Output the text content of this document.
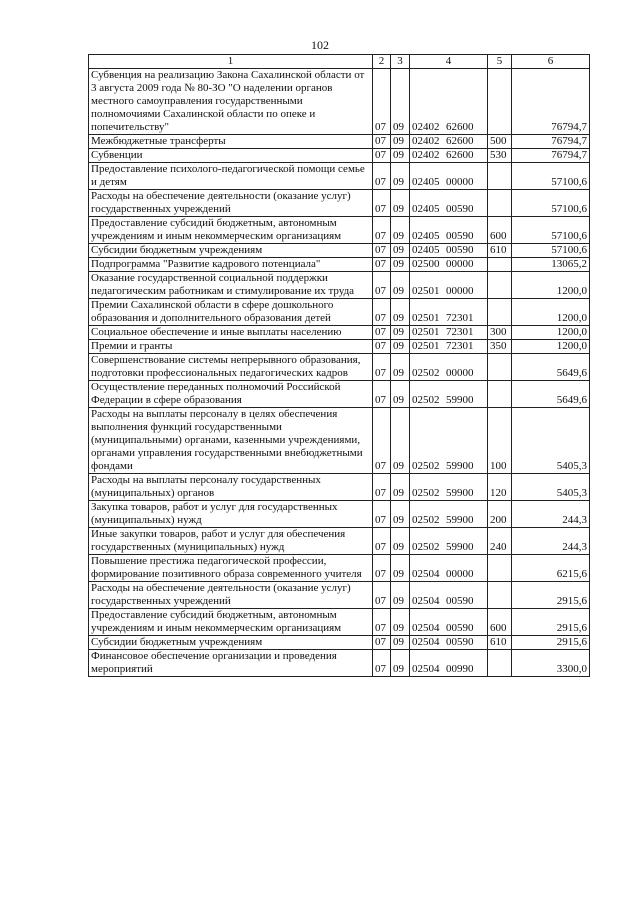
102
1	2	3	4	5	6
Субвенция на реализацию Закона Сахалинской области от 3 августа 2009 года № 80-ЗО "О наделении органов местного самоуправления государственными полномочиями Сахалинской области по опеке и попечительству"	07	09	02402 62600		76794,7
Межбюджетные трансферты	07	09	02402 62600	500	76794,7
Субвенции	07	09	02402 62600	530	76794,7
Предоставление психолого-педагогической помощи семье и детям	07	09	02405 00000		57100,6
Расходы на обеспечение деятельности (оказание услуг) государственных учреждений	07	09	02405 00590		57100,6
Предоставление субсидий бюджетным, автономным учреждениям и иным некоммерческим организациям	07	09	02405 00590	600	57100,6
Субсидии бюджетным учреждениям	07	09	02405 00590	610	57100,6
Подпрограмма "Развитие кадрового потенциала"	07	09	02500 00000		13065,2
Оказание государственной социальной поддержки педагогическим работникам и стимулирование их труда	07	09	02501 00000		1200,0
Премии Сахалинской области в сфере дошкольного образования и дополнительного образования детей	07	09	02501 72301		1200,0
Социальное обеспечение и иные выплаты населению	07	09	02501 72301	300	1200,0
Премии и гранты	07	09	02501 72301	350	1200,0
Совершенствование системы непрерывного образования, подготовки профессиональных педагогических кадров	07	09	02502 00000		5649,6
Осуществление переданных полномочий Российской Федерации в сфере образования	07	09	02502 59900		5649,6
Расходы на выплаты персоналу в целях обеспечения выполнения функций государственными (муниципальными) органами, казенными учреждениями, органами управления государственными внебюджетными фондами	07	09	02502 59900	100	5405,3
Расходы на выплаты персоналу государственных (муниципальных) органов	07	09	02502 59900	120	5405,3
Закупка товаров, работ и услуг для государственных (муниципальных) нужд	07	09	02502 59900	200	244,3
Иные закупки товаров, работ и услуг для обеспечения государственных (муниципальных) нужд	07	09	02502 59900	240	244,3
Повышение престижа педагогической профессии, формирование позитивного образа современного учителя	07	09	02504 00000		6215,6
Расходы на обеспечение деятельности (оказание услуг) государственных учреждений	07	09	02504 00590		2915,6
Предоставление субсидий бюджетным, автономным учреждениям и иным некоммерческим организациям	07	09	02504 00590	600	2915,6
Субсидии бюджетным учреждениям	07	09	02504 00590	610	2915,6
Финансовое обеспечение организации и проведения мероприятий	07	09	02504 00990		3300,0
